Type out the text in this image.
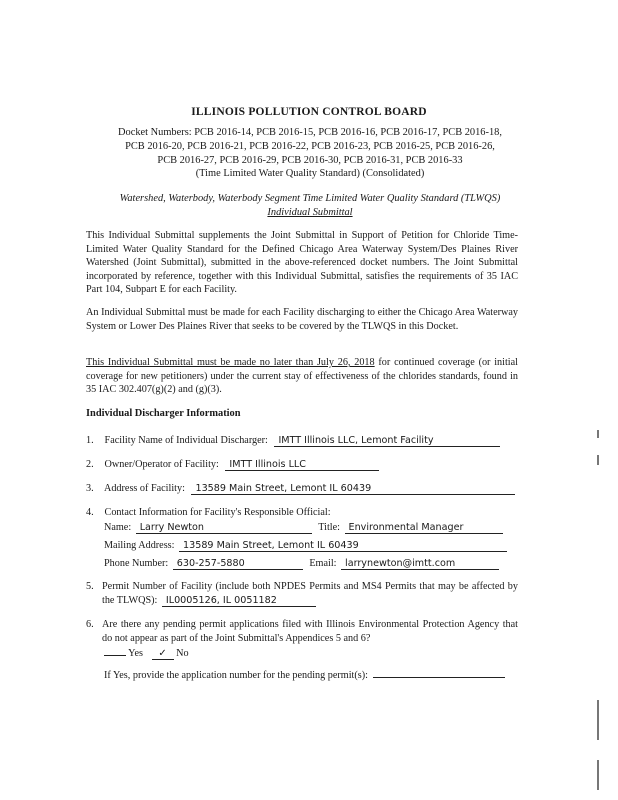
ILLINOIS POLLUTION CONTROL BOARD
Docket Numbers: PCB 2016-14, PCB 2016-15, PCB 2016-16, PCB 2016-17, PCB 2016-18,
PCB 2016-20, PCB 2016-21, PCB 2016-22, PCB 2016-23, PCB 2016-25, PCB 2016-26,
PCB 2016-27, PCB 2016-29, PCB 2016-30, PCB 2016-31, PCB 2016-33
(Time Limited Water Quality Standard) (Consolidated)
Watershed, Waterbody, Waterbody Segment Time Limited Water Quality Standard (TLWQS)
Individual Submittal
This Individual Submittal supplements the Joint Submittal in Support of Petition for Chloride Time-Limited Water Quality Standard for the Defined Chicago Area Waterway System/Des Plaines River Watershed (Joint Submittal), submitted in the above-referenced docket numbers. The Joint Submittal incorporated by reference, together with this Individual Submittal, satisfies the requirements of 35 IAC Part 104, Subpart E for each Facility.
An Individual Submittal must be made for each Facility discharging to either the Chicago Area Waterway System or Lower Des Plaines River that seeks to be covered by the TLWQS in this Docket.
This Individual Submittal must be made no later than July 26, 2018 for continued coverage (or initial coverage for new petitioners) under the current stay of effectiveness of the chlorides standards, found in 35 IAC 302.407(g)(2) and (g)(3).
Individual Discharger Information
1. Facility Name of Individual Discharger: IMTT Illinois LLC, Lemont Facility
2. Owner/Operator of Facility: IMTT Illinois LLC
3. Address of Facility: 13589 Main Street, Lemont IL 60439
4. Contact Information for Facility's Responsible Official:
Name: Larry Newton	Title: Environmental Manager
Mailing Address: 13589 Main Street, Lemont IL 60439
Phone Number: 630-257-5880	Email: larrynewton@imtt.com
5. Permit Number of Facility (include both NPDES Permits and MS4 Permits that may be affected by the TLWQS): IL0005126, IL 0051182
6. Are there any pending permit applications filed with Illinois Environmental Protection Agency that do not appear as part of the Joint Submittal's Appendices 5 and 6?
Yes ✓ No
If Yes, provide the application number for the pending permit(s):
